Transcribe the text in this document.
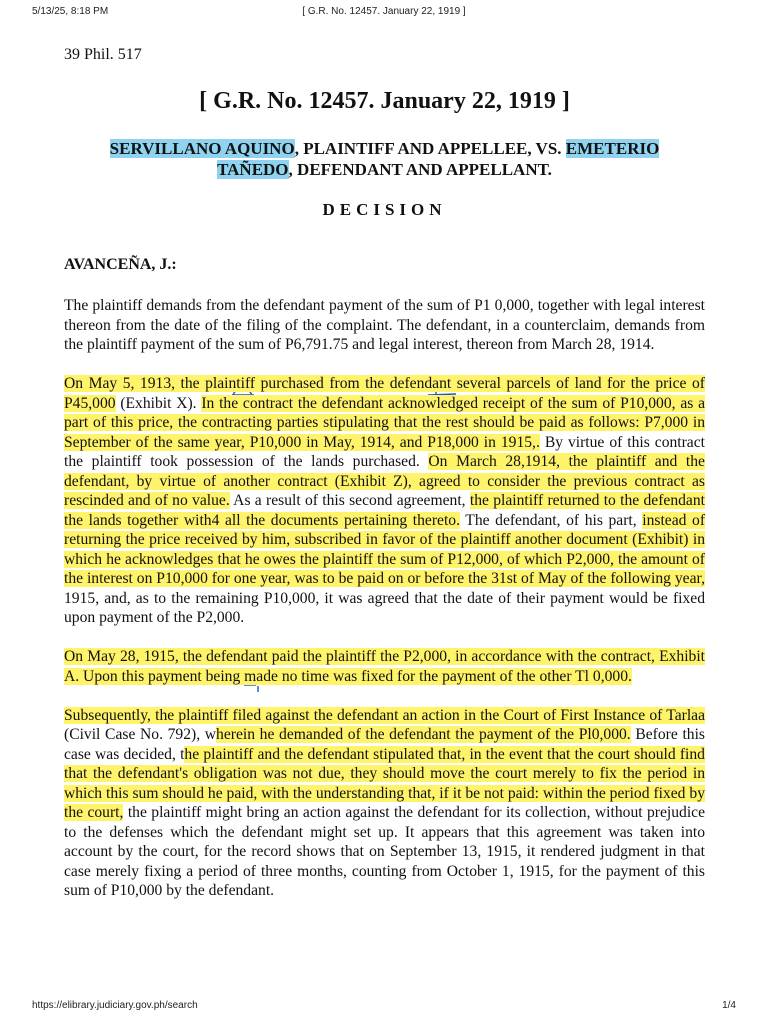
5/13/25, 8:18 PM	[ G.R. No. 12457. January 22, 1919 ]
39 Phil. 517
[ G.R. No. 12457. January 22, 1919 ]
SERVILLANO AQUINO, PLAINTIFF AND APPELLEE, VS. EMETERIO
TAÑEDO, DEFENDANT AND APPELLANT.
DECISION
AVANCEÑA, J.:

The plaintiff demands from the defendant payment of the sum of P1 0,000, together with legal interest thereon from the date of the filing of the complaint. The defendant, in a counterclaim, demands from the plaintiff payment of the sum of P6,791.75 and legal interest, thereon from March 28, 1914.

On May 5, 1913, the plaintiff purchased from the defendant several parcels of land for the price of P45,000 (Exhibit X). In the contract the defendant acknowledged receipt of the sum of P10,000, as a part of this price, the contracting parties stipulating that the rest should be paid as follows: P7,000 in September of the same year, P10,000 in May, 1914, and P18,000 in 1915,. By virtue of this contract the plaintiff took possession of the lands purchased. On March 28,1914, the plaintiff and the defendant, by virtue of another contract (Exhibit Z), agreed to consider the previous contract as rescinded and of no value. As a result of this second agreement, the plaintiff returned to the defendant the lands together with4 all the documents pertaining thereto. The defendant, of his part, instead of returning the price received by him, subscribed in favor of the plaintiff another document (Exhibit) in which he acknowledges that he owes the plaintiff the sum of P12,000, of which P2,000, the amount of the interest on P10,000 for one year, was to be paid on or before the 31st of May of the following year, 1915, and, as to the remaining P10,000, it was agreed that the date of their payment would be fixed upon payment of the P2,000.

On May 28, 1915, the defendant paid the plaintiff the P2,000, in accordance with the contract, Exhibit A. Upon this payment being made no time was fixed for the payment of the other Tl 0,000.

Subsequently, the plaintiff filed against the defendant an action in the Court of First Instance of Tarlaa (Civil Case No. 792), wherein he demanded of the defendant the payment of the Pl0,000. Before this case was decided, the plaintiff and the defendant stipulated that, in the event that the court should find that the defendant's obligation was not due, they should move the court merely to fix the period in which this sum should he paid, with the understanding that, if it be not paid: within the period fixed by the court, the plaintiff might bring an action against the defendant for its collection, without prejudice to the defenses which the defendant might set up. It appears that this agreement was taken into account by the court, for the record shows that on September 13, 1915, it rendered judgment in that case merely fixing a period of three months, counting from October 1, 1915, for the payment of this sum of P10,000 by the defendant.

https://elibrary.judiciary.gov.ph/search	1/4
